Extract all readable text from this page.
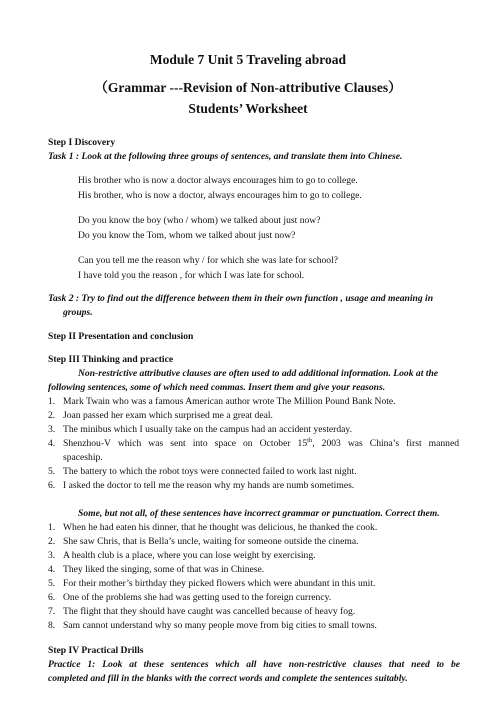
Module 7 Unit 5 Traveling abroad
（Grammar ---Revision of Non-attributive Clauses）
Students’ Worksheet
Step I Discovery
Task 1 : Look at the following three groups of sentences, and translate them into Chinese.
His brother who is now a doctor always encourages him to go to college.
His brother, who is now a doctor, always encourages him to go to college.
Do you know the boy (who / whom) we talked about just now?
Do you know the Tom, whom we talked about just now?
Can you tell me the reason why / for which she was late for school?
I have told you the reason , for which I was late for school.
Task 2 : Try to find out the difference between them in their own function , usage and meaning in
groups.
Step II Presentation and conclusion
Step III Thinking and practice
Non-restrictive attributive clauses are often used to add additional information. Look at the
following sentences, some of which need commas. Insert them and give your reasons.
1. Mark Twain who was a famous American author wrote The Million Pound Bank Note.
2. Joan passed her exam which surprised me a great deal.
3. The minibus which I usually take on the campus had an accident yesterday.
4. Shenzhou-V which was sent into space on October 15th, 2003 was China’s first manned
spaceship.
5. The battery to which the robot toys were connected failed to work last night.
6. I asked the doctor to tell me the reason why my hands are numb sometimes.
Some, but not all, of these sentences have incorrect grammar or punctuation. Correct them.
1. When he had eaten his dinner, that he thought was delicious, he thanked the cook.
2. She saw Chris, that is Bella’s uncle, waiting for someone outside the cinema.
3. A health club is a place, where you can lose weight by exercising.
4. They liked the singing, some of that was in Chinese.
5. For their mother’s birthday they picked flowers which were abundant in this unit.
6. One of the problems she had was getting used to the foreign currency.
7. The flight that they should have caught was cancelled because of heavy fog.
8. Sam cannot understand why so many people move from big cities to small towns.
Step IV Practical Drills
Practice 1: Look at these sentences which all have non-restrictive clauses that need to be
completed and fill in the blanks with the correct words and complete the sentences suitably.
